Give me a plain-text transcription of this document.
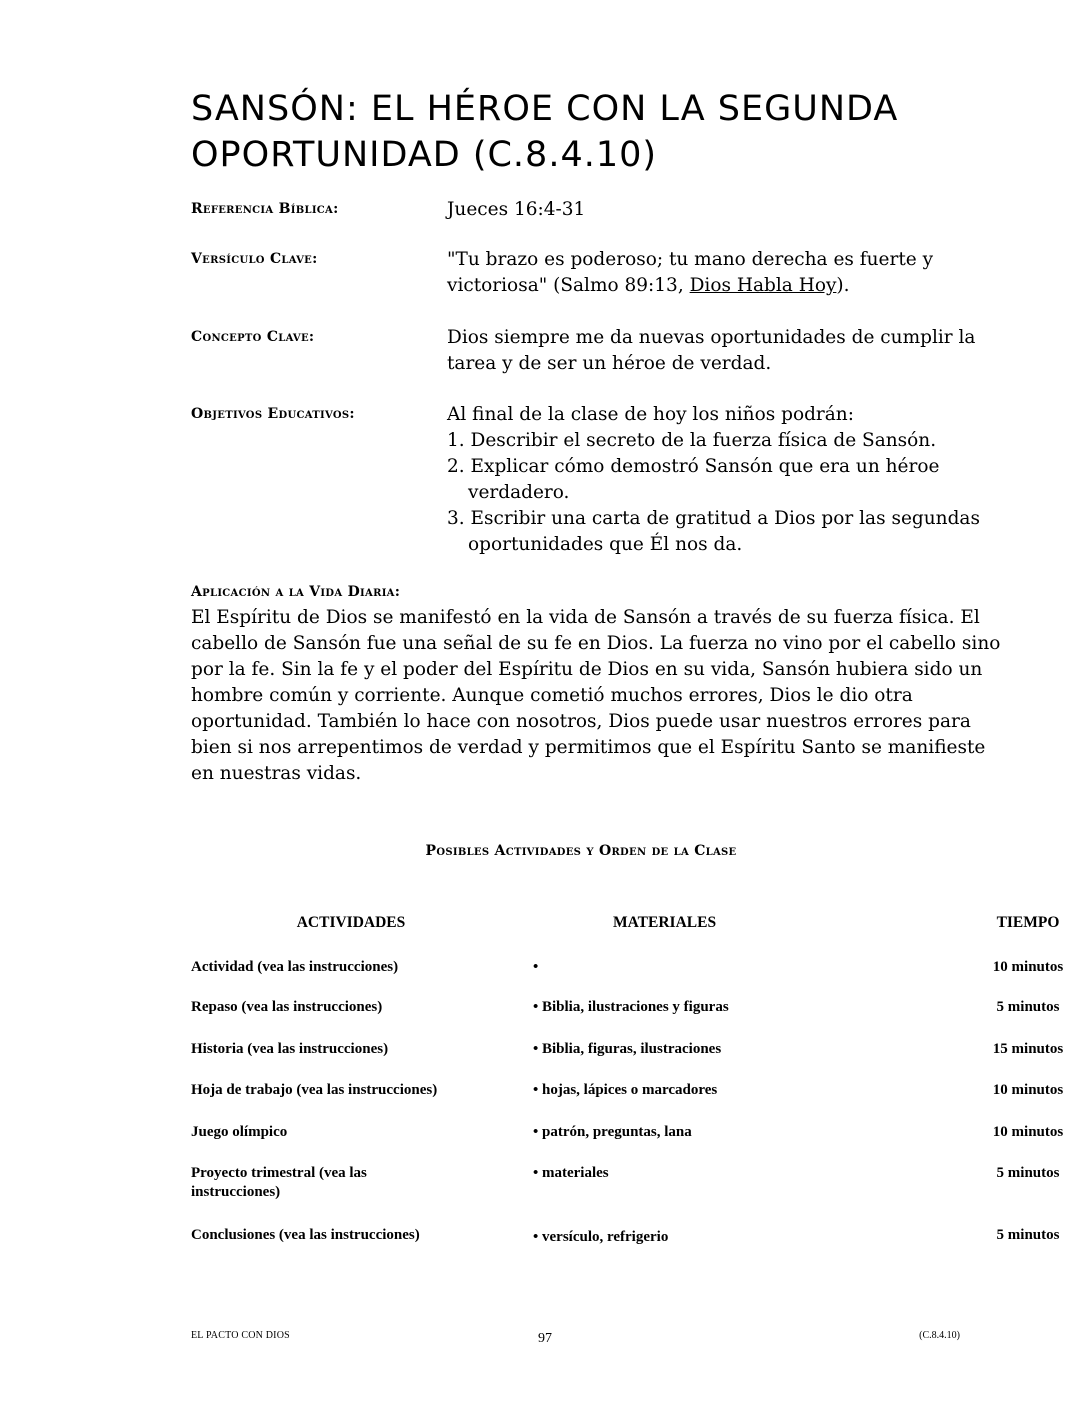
SANSÓN: EL HÉROE CON LA SEGUNDA OPORTUNIDAD (C.8.4.10)
Referencia Bíblica:	Jueces 16:4-31
Versículo Clave:	"Tu brazo es poderoso; tu mano derecha es fuerte y victoriosa" (Salmo 89:13, Dios Habla Hoy).
Concepto Clave:	Dios siempre me da nuevas oportunidades de cumplir la tarea y de ser un héroe de verdad.
Objetivos Educativos:	Al final de la clase de hoy los niños podrán:
1. Describir el secreto de la fuerza física de Sansón.
2. Explicar cómo demostró Sansón que era un héroe verdadero.
3. Escribir una carta de gratitud a Dios por las segundas oportunidades que Él nos da.
Aplicación a la Vida Diaria:

El Espíritu de Dios se manifestó en la vida de Sansón a través de su fuerza física. El cabello de Sansón fue una señal de su fe en Dios. La fuerza no vino por el cabello sino por la fe. Sin la fe y el poder del Espíritu de Dios en su vida, Sansón hubiera sido un hombre común y corriente. Aunque cometió muchos errores, Dios le dio otra oportunidad. También lo hace con nosotros, Dios puede usar nuestros errores para bien si nos arrepentimos de verdad y permitimos que el Espíritu Santo se manifieste en nuestras vidas.

Posibles Actividades y Orden de la Clase
ACTIVIDADES	MATERIALES	TIEMPO
Actividad (vea las instrucciones)	•	10 minutos
Repaso (vea las instrucciones)	• Biblia, ilustraciones y figuras	5 minutos
Historia (vea las instrucciones)	• Biblia, figuras, ilustraciones	15 minutos
Hoja de trabajo (vea las instrucciones)	• hojas, lápices o marcadores	10 minutos
Juego olímpico	• patrón, preguntas, lana	10 minutos
Proyecto trimestral (vea las instrucciones)	• materiales	5 minutos
Conclusiones (vea las instrucciones)	• versículo, refrigerio	5 minutos
EL PACTO CON DIOS	97	(C.8.4.10)
